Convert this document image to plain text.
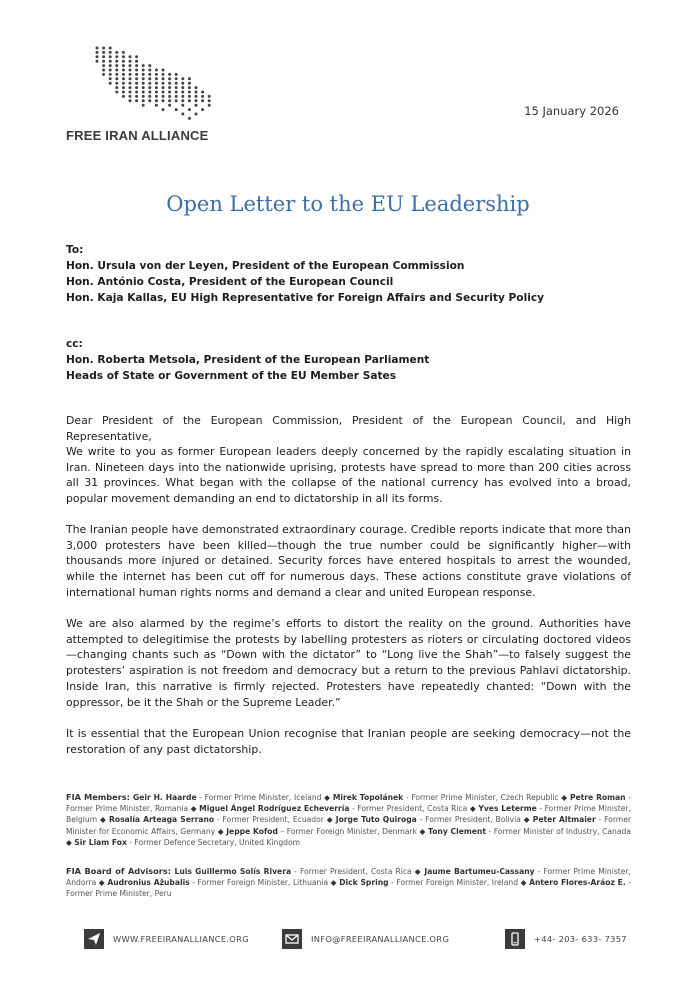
FREE IRAN ALLIANCE
15 January 2026
Open Letter to the EU Leadership
To:
Hon. Ursula von der Leyen, President of the European Commission
Hon. António Costa, President of the European Council
Hon. Kaja Kallas, EU High Representative for Foreign Affairs and Security Policy
cc:
Hon. Roberta Metsola, President of the European Parliament
Heads of State or Government of the EU Member Sates

Dear President of the European Commission, President of the European Council, and High Representative,

We write to you as former European leaders deeply concerned by the rapidly escalating situation in Iran. Nineteen days into the nationwide uprising, protests have spread to more than 200 cities across all 31 provinces. What began with the collapse of the national currency has evolved into a broad, popular movement demanding an end to dictatorship in all its forms.

The Iranian people have demonstrated extraordinary courage. Credible reports indicate that more than 3,000 protesters have been killed—though the true number could be significantly higher—with thousands more injured or detained. Security forces have entered hospitals to arrest the wounded, while the internet has been cut off for numerous days. These actions constitute grave violations of international human rights norms and demand a clear and united European response.

We are also alarmed by the regime’s efforts to distort the reality on the ground. Authorities have attempted to delegitimise the protests by labelling protesters as rioters or circulating doctored videos—changing chants such as “Down with the dictator” to “Long live the Shah”—to falsely suggest the protesters’ aspiration is not freedom and democracy but a return to the previous Pahlavi dictatorship. Inside Iran, this narrative is firmly rejected. Protesters have repeatedly chanted: “Down with the oppressor, be it the Shah or the Supreme Leader.”

It is essential that the European Union recognise that Iranian people are seeking democracy—not the restoration of any past dictatorship.

FIA Members: Geir H. Haarde - Former Prime Minister, Iceland ◆ Mirek Topolánek - Former Prime Minister, Czech Republic ◆ Petre Roman - Former Prime Minister, Romania ◆ Miguel Ángel Rodríguez Echeverría - Former President, Costa Rica ◆ Yves Leterme - Former Prime Minister, Belgium ◆ Rosalía Arteaga Serrano - Former President, Ecuador ◆ Jorge Tuto Quiroga - Former President, Bolivia ◆ Peter Altmaier - Former Minister for Economic Affairs, Germany ◆ Jeppe Kofod – Former Foreign Minister, Denmark ◆ Tony Clement - Former Minister of Industry, Canada ◆ Sir Liam Fox - Former Defence Secretary, United Kingdom
FIA Board of Advisors: Luis Guillermo Solís Rivera - Former President, Costa Rica ◆ Jaume Bartumeu-Cassany - Former Prime Minister, Andorra ◆ Audronius Ažubalis - Former Foreign Minister, Lithuania ◆ Dick Spring - Former Foreign Minister, Ireland ◆ Ántero Flores-Aráoz E. - Former Prime Minister, Peru
WWW.FREEIRANALLIANCE.ORG	INFO@FREEIRANALLIANCE.ORG	+44- 203- 633- 7357
